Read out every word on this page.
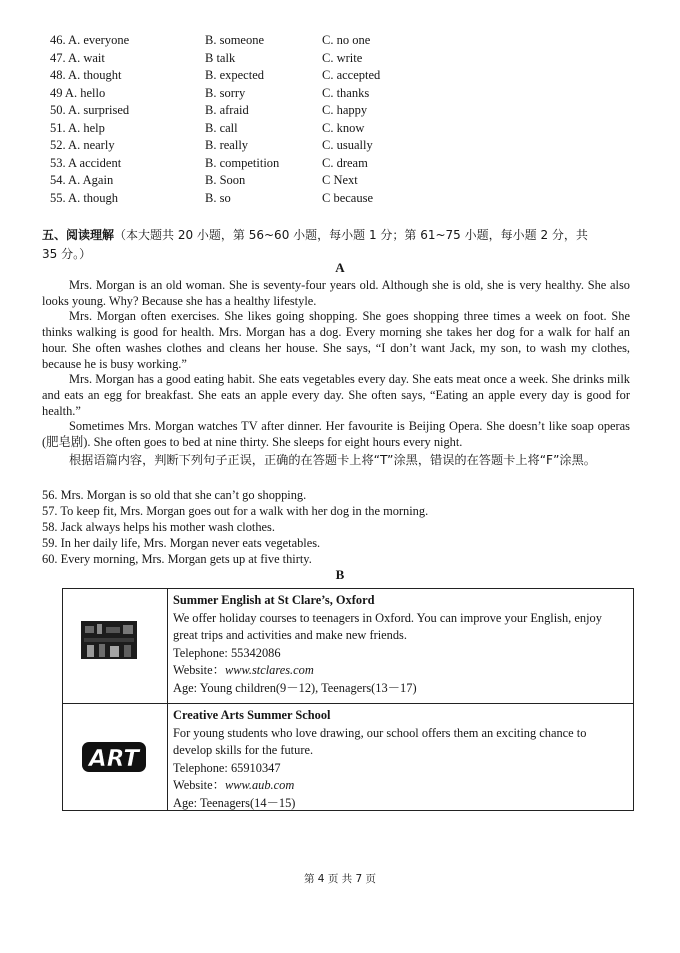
46. A. everyone	B. someone	C. no one
47. A. wait	B talk	C. write
48. A. thought	B. expected	C. accepted
49 A. hello	B. sorry	C. thanks
50. A. surprised	B. afraid	C. happy
51. A. help	B. call	C. know
52. A. nearly	B. really	C. usually
53. A accident	B. competition	C. dream
54. A. Again	B. Soon	C Next
55. A. though	B. so	C because
五、阅读理解（本大题共 20 小题，第 56~60 小题，每小题 1 分；第 61~75 小题，每小题 2 分，共
35 分。）
A

Mrs. Morgan is an old woman. She is seventy-four years old. Although she is old, she is very healthy. She also looks young. Why? Because she has a healthy lifestyle.

Mrs. Morgan often exercises. She likes going shopping. She goes shopping three times a week on foot. She thinks walking is good for health. Mrs. Morgan has a dog. Every morning she takes her dog for a walk for half an hour. She often washes clothes and cleans her house. She says, “I don’t want Jack, my son, to wash my clothes, because he is busy working.”

Mrs. Morgan has a good eating habit. She eats vegetables every day. She eats meat once a week. She drinks milk and eats an egg for breakfast. She eats an apple every day. She often says, “Eating an apple every day is good for health.”

Sometimes Mrs. Morgan watches TV after dinner. Her favourite is Beijing Opera. She doesn’t like soap operas (肥皂剧). She often goes to bed at nine thirty. She sleeps for eight hours every night.

根据语篇内容，判断下列句子正误，正确的在答题卡上将“T”涂黑，错误的在答题卡上将“F”涂黑。
56. Mrs. Morgan is so old that she can’t go shopping.
57. To keep fit, Mrs. Morgan goes out for a walk with her dog in the morning.
58. Jack always helps his mother wash clothes.
59. In her daily life, Mrs. Morgan never eats vegetables.
60. Every morning, Mrs. Morgan gets up at five thirty.
B
Summer English at St Clare’s, Oxford
We offer holiday courses to teenagers in Oxford. You can improve your English, enjoy great trips and activities and make new friends.
Telephone: 55342086
Website：www.stclares.com
Age: Young children(9－12), Teenagers(13－17)
ART
Creative Arts Summer School
For young students who love drawing, our school offers them an exciting chance to develop skills for the future.
Telephone: 65910347
Website：www.aub.com
Age: Teenagers(14－15)
第 4 页 共 7 页
